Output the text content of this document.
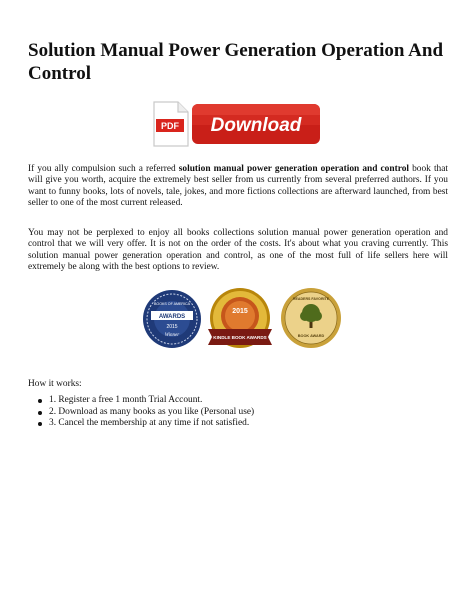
Solution Manual Power Generation Operation And Control
PDF Download

If you ally compulsion such a referred solution manual power generation operation and control book that will give you worth, acquire the extremely best seller from us currently from several preferred authors. If you want to funny books, lots of novels, tale, jokes, and more fictions collections are afterward launched, from best seller to one of the most current released.

You may not be perplexed to enjoy all books collections solution manual power generation operation and control that we will very offer. It is not on the order of the costs. It's about what you craving currently. This solution manual power generation operation and control, as one of the most full of life sellers here will extremely be along with the best options to review.

BOOKS OF AMERICA
AWARDS
2015
Winner
2015
KINDLE BOOK AWARDS
READERS FAVORITE
BOOK AWARD

How it works:

1. Register a free 1 month Trial Account.
2. Download as many books as you like (Personal use)
3. Cancel the membership at any time if not satisfied.
